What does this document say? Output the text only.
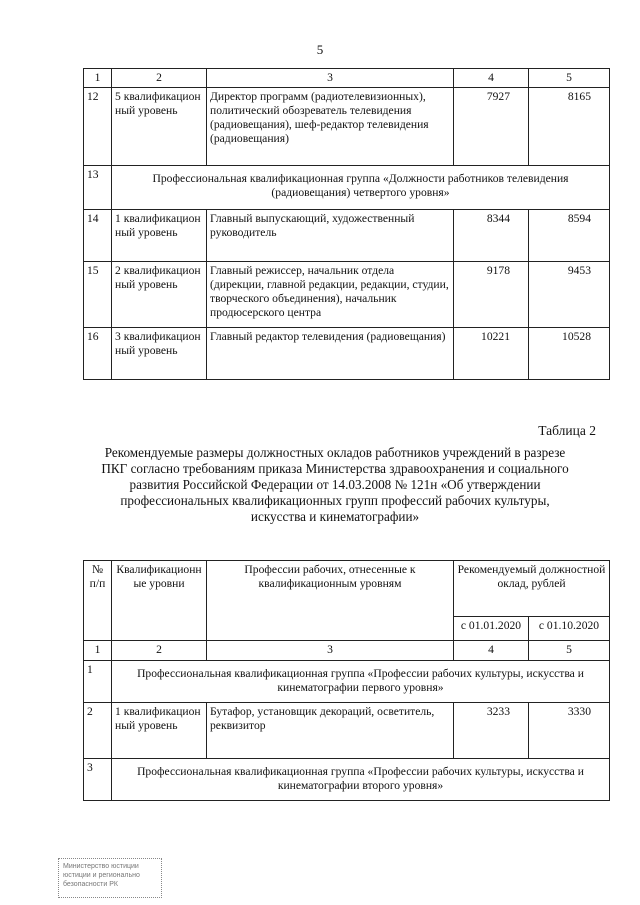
5
1	2	3	4	5
12	5 квалификационный уровень	Директор программ (радиотелевизионных), политический обозреватель телевидения (радиовещания), шеф-редактор телевидения (радиовещания)	7927	8165
13	Профессиональная квалификационная группа «Должности работников телевидения (радиовещания) четвертого уровня»			
14	1 квалификационный уровень	Главный выпускающий, художественный руководитель	8344	8594
15	2 квалификационный уровень	Главный режиссер, начальник отдела (дирекции, главной редакции, редакции, студии, творческого объединения), начальник продюсерского центра	9178	9453
16	3 квалификационный уровень	Главный редактор телевидения (радиовещания)	10221	10528
Таблица 2
Рекомендуемые размеры должностных окладов работников учреждений в разрезе ПКГ согласно требованиям приказа Министерства здравоохранения и социального развития Российской Федерации от 14.03.2008 № 121н «Об утверждении профессиональных квалификационных групп профессий рабочих культуры, искусства и кинематографии»
№ п/п	Квалификационные уровни	Профессии рабочих, отнесенные к квалификационным уровням	Рекомендуемый должностной оклад, рублей	
			с 01.01.2020	с 01.10.2020
1	2	3	4	5
1	Профессиональная квалификационная группа «Профессии рабочих культуры, искусства и кинематографии первого уровня»			
2	1 квалификационный уровень	Бутафор, установщик декораций, осветитель, реквизитор	3233	3330
3	Профессиональная квалификационная группа «Профессии рабочих культуры, искусства и кинематографии второго уровня»			
Министерство юстиции
юстиции и регионально
безопасности РК
